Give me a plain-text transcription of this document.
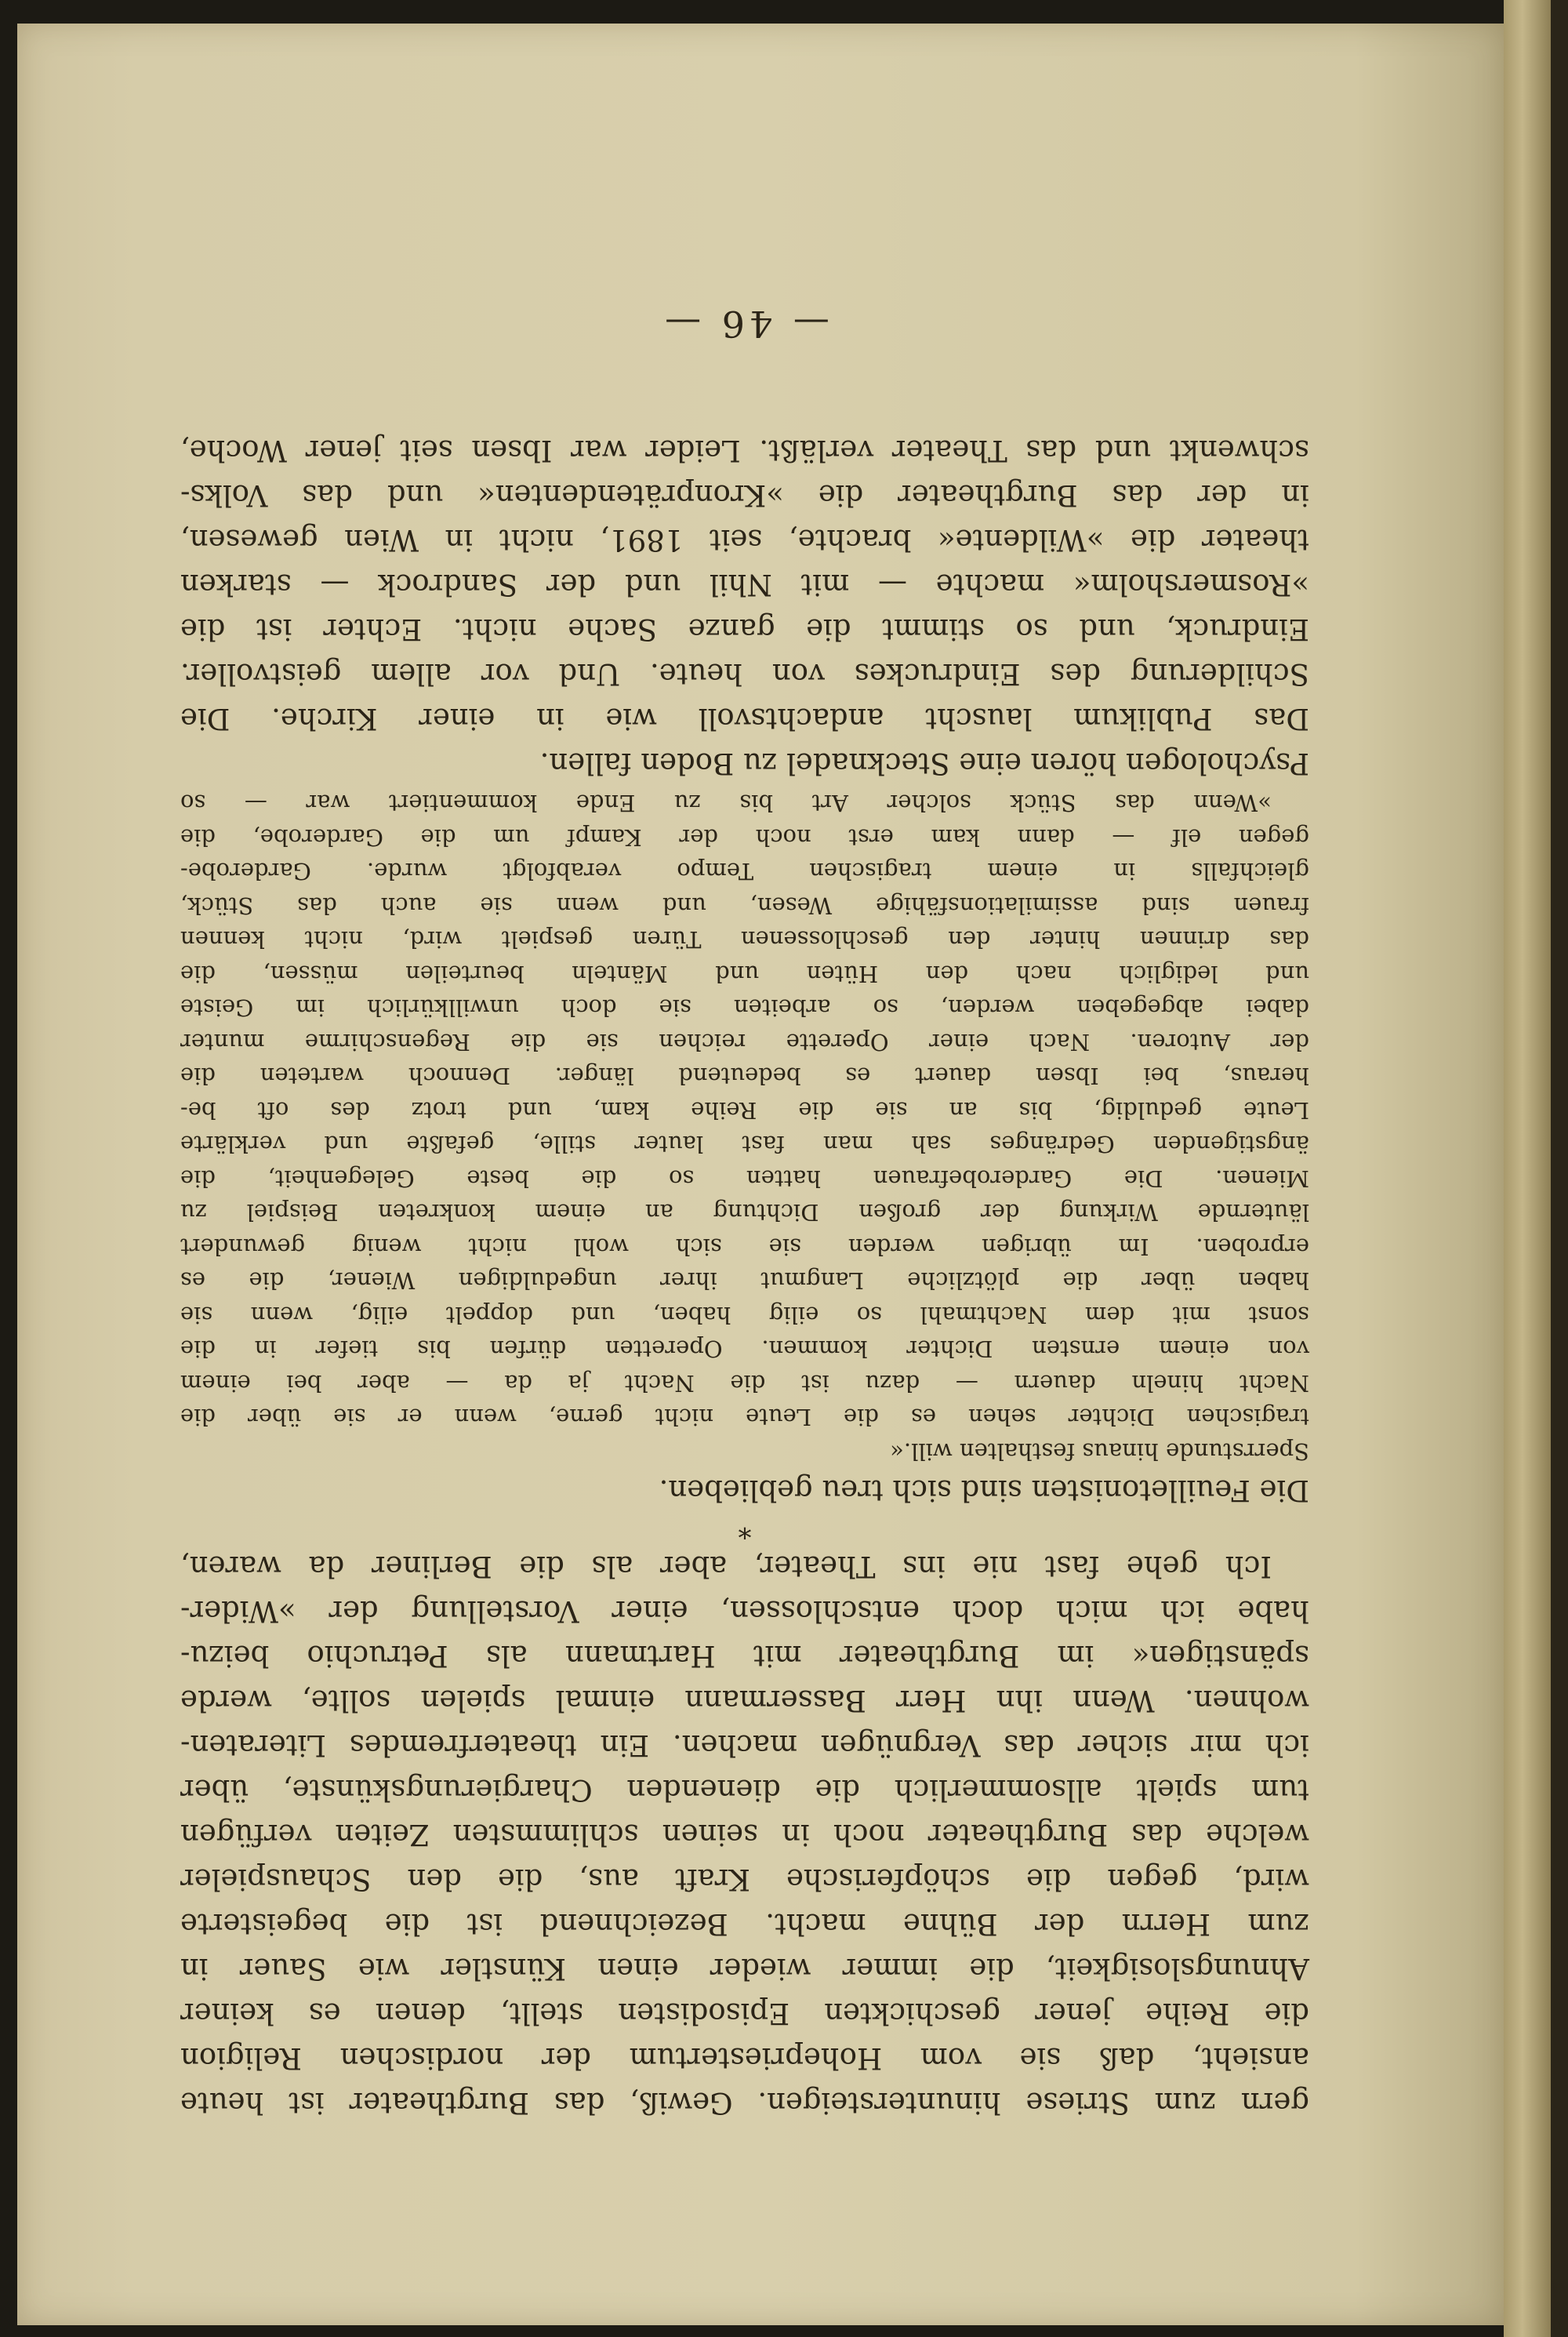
gern zum Striese hinuntersteigen. Gewiß, das Burgtheater ist heute
ansieht, daß sie vom Hohepriestertum der nordischen Religion
die Reihe jener geschickten Episodisten stellt, denen es keiner
Ahnungslosigkeit, die immer wieder einen Künstler wie Sauer in
zum Herrn der Bühne macht. Bezeichnend ist die begeisterte
wird, gegen die schöpferische Kraft aus, die den Schauspieler
welche das Burgtheater noch in seinen schlimmsten Zeiten verfügen
tum spielt allsommerlich die dienenden Chargierungskünste, über
ich mir sicher das Vergnügen machen. Ein theaterfremdes Literaten-
wohnen. Wenn ihn Herr Bassermann einmal spielen sollte, werde
spänstigen« im Burgtheater mit Hartmann als Petruchio beizu-
habe ich mich doch entschlossen, einer Vorstellung der »Wider-
Ich gehe fast nie ins Theater, aber als die Berliner da waren,
*
Die Feuilletonisten sind sich treu geblieben.
Sperrstunde hinaus festhalten will.«
tragischen Dichter sehen es die Leute nicht gerne, wenn er sie über die
Nacht hineln dauern — dazu ist die Nacht ja da — aber bei einem
von einem ernsten Dichter kommen. Operetten dürfen bis tiefer in die
sonst mit dem Nachtmahl so eilig haben, und doppelt eilig, wenn sie
haben über die plötzliche Langmut ihrer ungeduldigen Wiener, die es
erproben. Im übrigen werden sie sich wohl nicht wenig gewundert
läuternde Wirkung der großen Dichtung an einem konkreten Beispiel zu
Mienen. Die Garderobefrauen hatten so die beste Gelegenheit, die
ängstigenden Gedränges sah man fast lauter stille, gefaßte und verklärte
Leute geduldig, bis an sie die Reihe kam, und trotz des oft be-
heraus, bei Ibsen dauert es bedeutend länger. Dennoch warteten die
der Autoren. Nach einer Operette reichen sie die Regenschirme munter
dabei abgegeben werden, so arbeiten sie doch unwillkürlich im Geiste
und lediglich nach den Hüten und Mänteln beurteilen müssen, die
das drinnen hinter den geschlossenen Türen gespielt wird, nicht kennen
frauen sind assimilationsfähige Wesen, und wenn sie auch das Stück,
gleichfalls in einem tragischen Tempo verabfolgt wurde. Garderobe-
gegen elf — dann kam erst noch der Kampf um die Garderobe, die
»Wenn das Stück solcher Art bis zu Ende kommentiert war — so
Psychologen hören eine Stecknadel zu Boden fallen.
Das Publikum lauscht andachtsvoll wie in einer Kirche. Die
Schilderung des Eindruckes von heute. Und vor allem geistvoller.
Eindruck, und so stimmt die ganze Sache nicht. Echter ist die
»Rosmersholm« machte — mit Nhil und der Sandrock — starken
theater die »Wildente« brachte, seit 1891, nicht in Wien gewesen,
in der das Burgtheater die »Kronprätendenten« und das Volks-
schwenkt und das Theater verläßt. Leider war Ibsen seit jener Woche,
— 46 —
